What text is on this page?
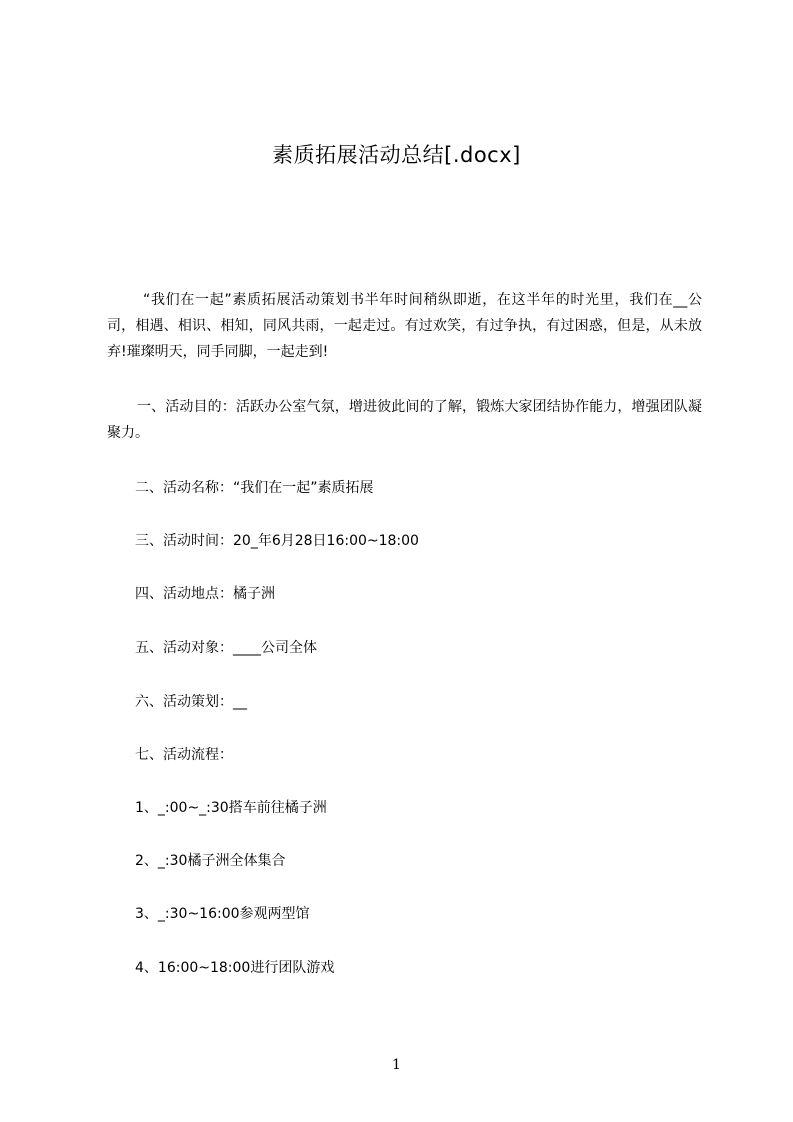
素质拓展活动总结[.docx]
“我们在一起”素质拓展活动策划书半年时间稍纵即逝，在这半年的时光里，我们在__公司，相遇、相识、相知，同风共雨，一起走过。有过欢笑，有过争执，有过困惑，但是，从未放弃!璀璨明天，同手同脚，一起走到!
一、活动目的：活跃办公室气氛，增进彼此间的了解，锻炼大家团结协作能力，增强团队凝聚力。
二、活动名称：“我们在一起”素质拓展
三、活动时间：20_年6月28日16:00~18:00
四、活动地点：橘子洲
五、活动对象：____公司全体
六、活动策划：__
七、活动流程：
1、_:00~_:30搭车前往橘子洲
2、_:30橘子洲全体集合
3、_:30~16:00参观两型馆
4、16:00~18:00进行团队游戏
1
